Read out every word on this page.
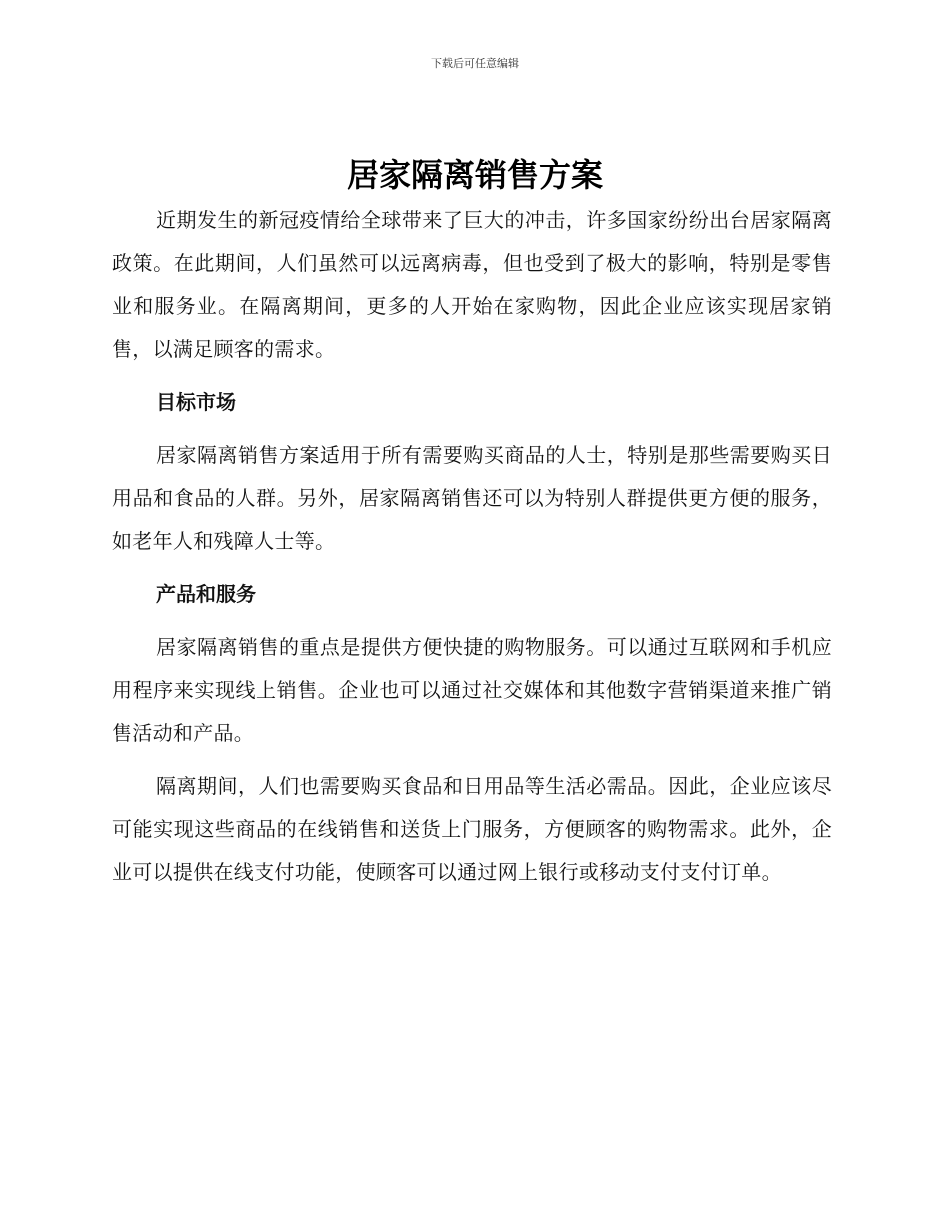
下载后可任意编辑
居家隔离销售方案

近期发生的新冠疫情给全球带来了巨大的冲击，许多国家纷纷出台居家隔离政策。在此期间，人们虽然可以远离病毒，但也受到了极大的影响，特别是零售业和服务业。在隔离期间，更多的人开始在家购物，因此企业应该实现居家销售，以满足顾客的需求。

目标市场

居家隔离销售方案适用于所有需要购买商品的人士，特别是那些需要购买日用品和食品的人群。另外，居家隔离销售还可以为特别人群提供更方便的服务，如老年人和残障人士等。

产品和服务

居家隔离销售的重点是提供方便快捷的购物服务。可以通过互联网和手机应用程序来实现线上销售。企业也可以通过社交媒体和其他数字营销渠道来推广销售活动和产品。

隔离期间，人们也需要购买食品和日用品等生活必需品。因此，企业应该尽可能实现这些商品的在线销售和送货上门服务，方便顾客的购物需求。此外，企业可以提供在线支付功能，使顾客可以通过网上银行或移动支付支付订单。
